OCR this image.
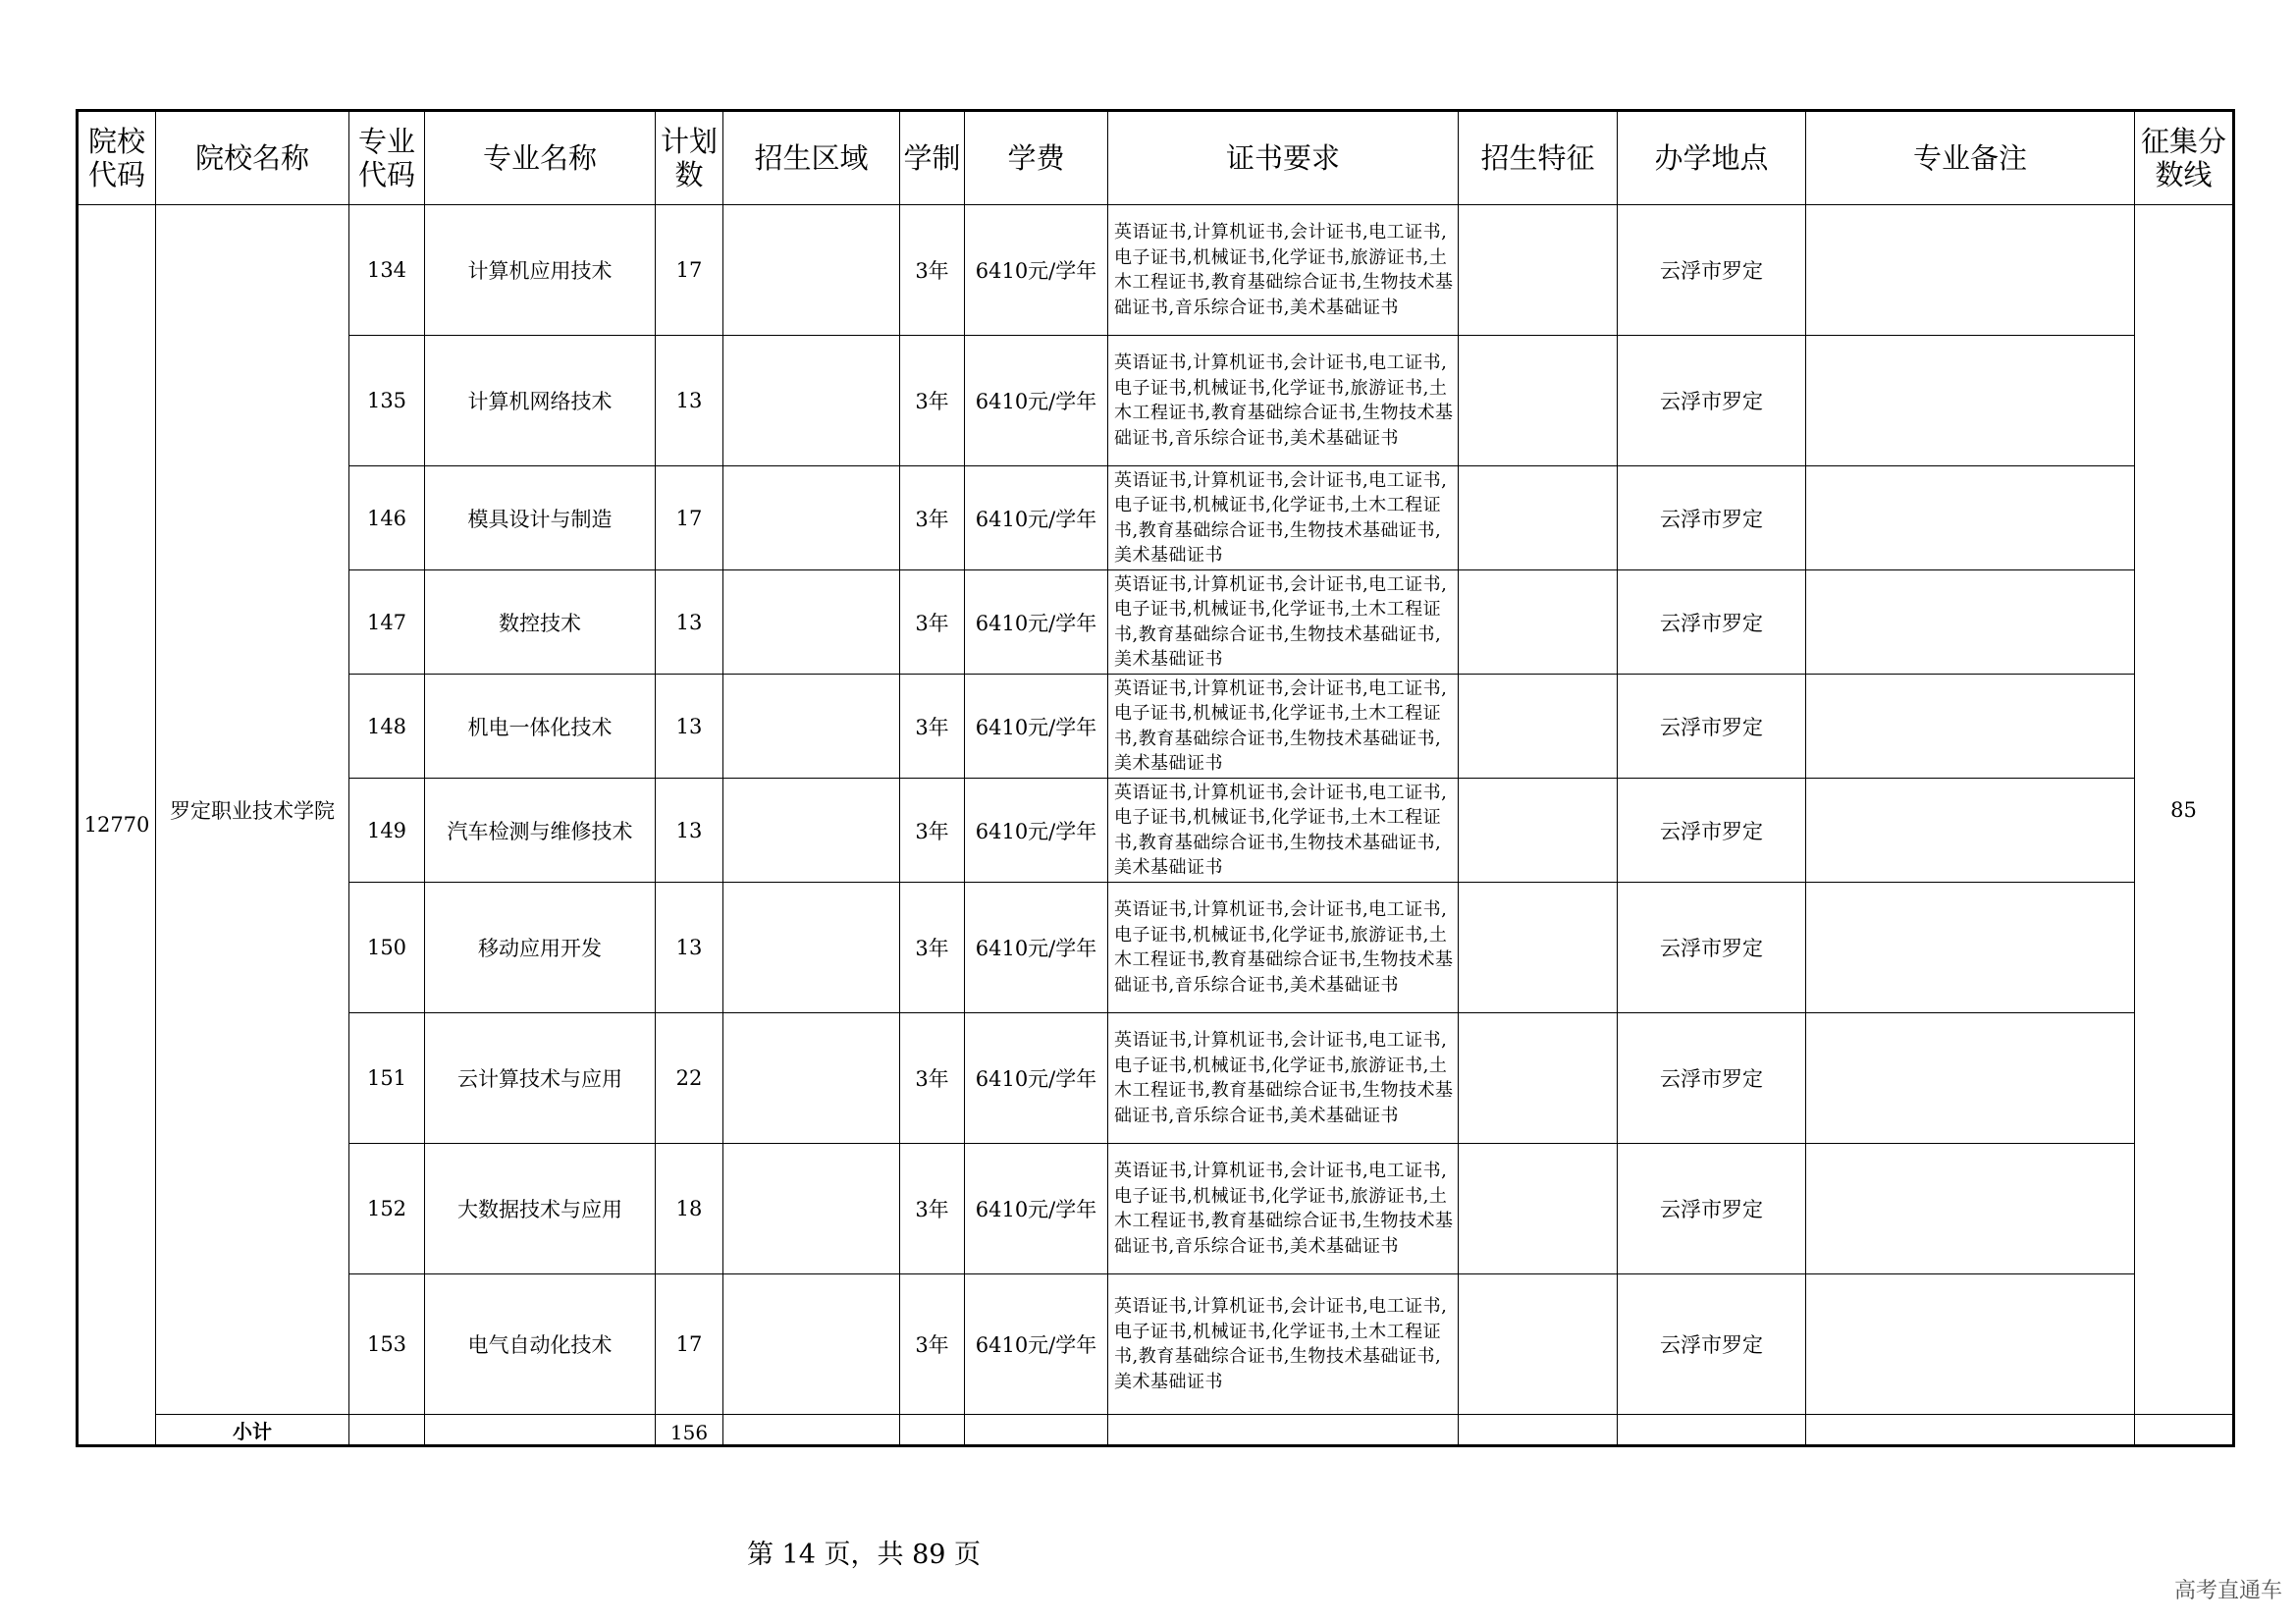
院校代码	院校名称	专业代码	专业名称	计划数	招生区域	学制	学费	证书要求	招生特征	办学地点	专业备注	征集分数线
12770	罗定职业技术学院	134	计算机应用技术	17		3年	6410元/学年	英语证书,计算机证书,会计证书,电工证书,电子证书,机械证书,化学证书,旅游证书,土木工程证书,教育基础综合证书,生物技术基础证书,音乐综合证书,美术基础证书		云浮市罗定		85
		135	计算机网络技术	13		3年	6410元/学年	英语证书,计算机证书,会计证书,电工证书,电子证书,机械证书,化学证书,旅游证书,土木工程证书,教育基础综合证书,生物技术基础证书,音乐综合证书,美术基础证书		云浮市罗定		
		146	模具设计与制造	17		3年	6410元/学年	英语证书,计算机证书,会计证书,电工证书,电子证书,机械证书,化学证书,土木工程证书,教育基础综合证书,生物技术基础证书,美术基础证书		云浮市罗定		
		147	数控技术	13		3年	6410元/学年	英语证书,计算机证书,会计证书,电工证书,电子证书,机械证书,化学证书,土木工程证书,教育基础综合证书,生物技术基础证书,美术基础证书		云浮市罗定		
		148	机电一体化技术	13		3年	6410元/学年	英语证书,计算机证书,会计证书,电工证书,电子证书,机械证书,化学证书,土木工程证书,教育基础综合证书,生物技术基础证书,美术基础证书		云浮市罗定		
		149	汽车检测与维修技术	13		3年	6410元/学年	英语证书,计算机证书,会计证书,电工证书,电子证书,机械证书,化学证书,土木工程证书,教育基础综合证书,生物技术基础证书,美术基础证书		云浮市罗定		
		150	移动应用开发	13		3年	6410元/学年	英语证书,计算机证书,会计证书,电工证书,电子证书,机械证书,化学证书,旅游证书,土木工程证书,教育基础综合证书,生物技术基础证书,音乐综合证书,美术基础证书		云浮市罗定		
		151	云计算技术与应用	22		3年	6410元/学年	英语证书,计算机证书,会计证书,电工证书,电子证书,机械证书,化学证书,旅游证书,土木工程证书,教育基础综合证书,生物技术基础证书,音乐综合证书,美术基础证书		云浮市罗定		
		152	大数据技术与应用	18		3年	6410元/学年	英语证书,计算机证书,会计证书,电工证书,电子证书,机械证书,化学证书,旅游证书,土木工程证书,教育基础综合证书,生物技术基础证书,音乐综合证书,美术基础证书		云浮市罗定		
		153	电气自动化技术	17		3年	6410元/学年	英语证书,计算机证书,会计证书,电工证书,电子证书,机械证书,化学证书,土木工程证书,教育基础综合证书,生物技术基础证书,美术基础证书		云浮市罗定		
	小计			156								
第 14 页，共 89 页
高考直通车
